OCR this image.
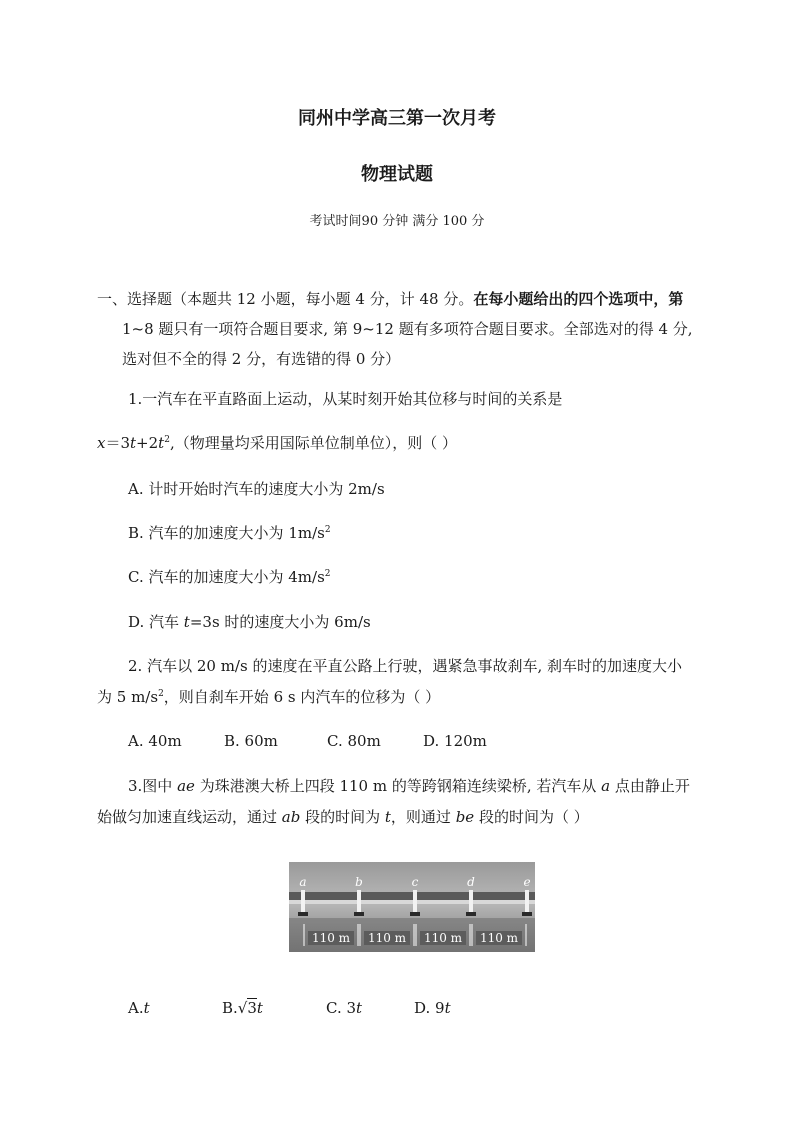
同州中学高三第一次月考
物理试题
考试时间90 分钟 满分 100 分
一、选择题（本题共 12 小题，每小题 4 分，计 48 分。在每小题给出的四个选项中，第
1~8 题只有一项符合题目要求, 第 9~12 题有多项符合题目要求。全部选对的得 4 分,
选对但不全的得 2 分，有选错的得 0 分）
1.一汽车在平直路面上运动，从某时刻开始其位移与时间的关系是
$x=3t+2t^2$,（物理量均采用国际单位制单位），则（ ）
A. 计时开始时汽车的速度大小为 2m/s
B. 汽车的加速度大小为 $1m/s^2$
C. 汽车的加速度大小为 $4m/s^2$
D. 汽车 t=3s 时的速度大小为 6m/s
2. 汽车以 20 m/s 的速度在平直公路上行驶，遇紧急事故刹车, 刹车时的加速度大小
为 5 $m/s^2$，则自刹车开始 6 s 内汽车的位移为（ ）
A. 40m	B. 60m	C. 80m	D. 120m
3.图中 ae 为珠港澳大桥上四段 110 m 的等跨钢箱连续梁桥, 若汽车从 a 点由静止开
始做匀加速直线运动，通过 ab 段的时间为 t，则通过 be 段的时间为（ ）
110 m 110 m 110 m 110 m
a	b	c	d	e
A.t	B.√3t	C. 3t	D. 9t
